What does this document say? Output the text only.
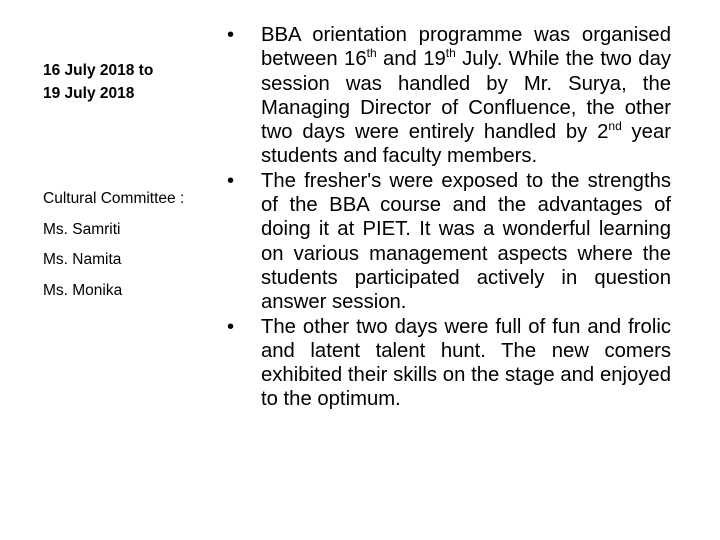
16 July 2018 to
19 July 2018
Cultural Committee :
Ms. Samriti
Ms. Namita
Ms. Monika
• BBA orientation programme was organised between 16th and 19th July. While the two day session was handled by Mr. Surya, the Managing Director of Confluence, the other two days were entirely handled by 2nd year students and faculty members.
• The fresher's were exposed to the strengths of the BBA course and the advantages of doing it at PIET. It was a wonderful learning on various management aspects where the students participated actively in question answer session.
• The other two days were full of fun and frolic and latent talent hunt. The new comers exhibited their skills on the stage and enjoyed to the optimum.
